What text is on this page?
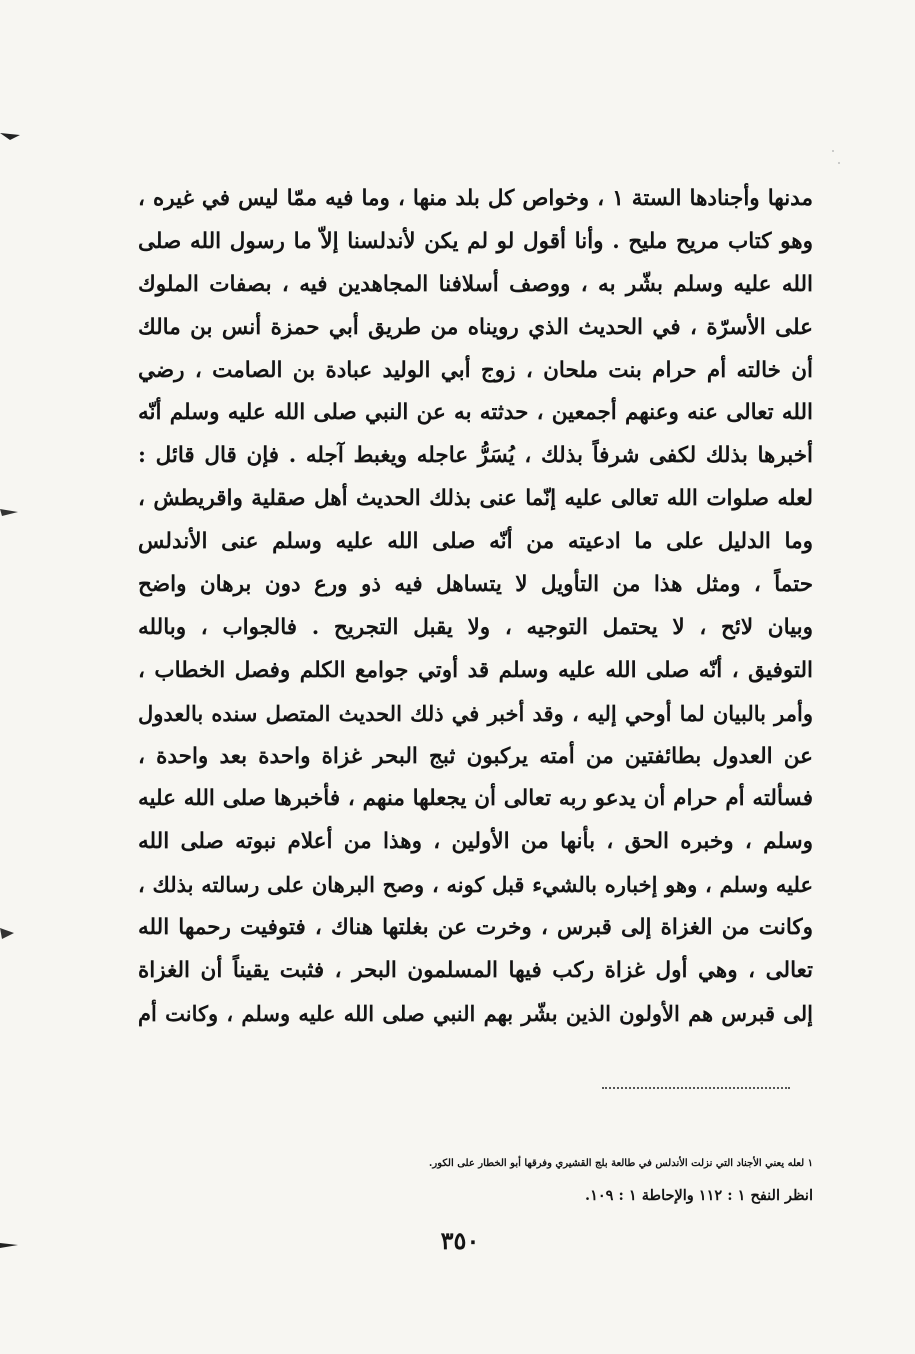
مدنها وأجنادها الستة ١ ، وخواص كل بلد منها ، وما فيه ممّا ليس في غيره ،
وهو كتاب مريح مليح . وأنا أقول لو لم يكن لأندلسنا إلاّ ما رسول الله صلى
الله عليه وسلم بشّر به ، ووصف أسلافنا المجاهدين فيه ، بصفات الملوك
على الأسرّة ، في الحديث الذي رويناه من طريق أبي حمزة أنس بن مالك
أن خالته أم حرام بنت ملحان ، زوج أبي الوليد عبادة بن الصامت ، رضي
الله تعالى عنه وعنهم أجمعين ، حدثته به عن النبي صلى الله عليه وسلم أنّه
أخبرها بذلك لكفى شرفاً بذلك ، يُسَرُّ عاجله ويغبط آجله . فإن قال قائل :
لعله صلوات الله تعالى عليه إنّما عنى بذلك الحديث أهل صقلية واقريطش ،
وما الدليل على ما ادعيته من أنّه صلى الله عليه وسلم عنى الأندلس
حتماً ، ومثل هذا من التأويل لا يتساهل فيه ذو ورع دون برهان واضح
وبيان لائح ، لا يحتمل التوجيه ، ولا يقبل التجريح . فالجواب ، وبالله
التوفيق ، أنّه صلى الله عليه وسلم قد أوتي جوامع الكلم وفصل الخطاب ،
وأمر بالبيان لما أوحي إليه ، وقد أخبر في ذلك الحديث المتصل سنده بالعدول
عن العدول بطائفتين من أمته يركبون ثبج البحر غزاة واحدة بعد واحدة ،
فسألته أم حرام أن يدعو ربه تعالى أن يجعلها منهم ، فأخبرها صلى الله عليه
وسلم ، وخبره الحق ، بأنها من الأولين ، وهذا من أعلام نبوته صلى الله
عليه وسلم ، وهو إخباره بالشيء قبل كونه ، وصح البرهان على رسالته بذلك ،
وكانت من الغزاة إلى قبرس ، وخرت عن بغلتها هناك ، فتوفيت رحمها الله
تعالى ، وهي أول غزاة ركب فيها المسلمون البحر ، فثبت يقيناً أن الغزاة
إلى قبرس هم الأولون الذين بشّر بهم النبي صلى الله عليه وسلم ، وكانت أم
١ لعله يعني الأجناد التي نزلت الأندلس في طالعة بلج القشيري وفرقها أبو الخطار على الكور.
انظر النفح ١ : ١١٢ والإحاطة ١ : ١٠٩.
٣٥٠
